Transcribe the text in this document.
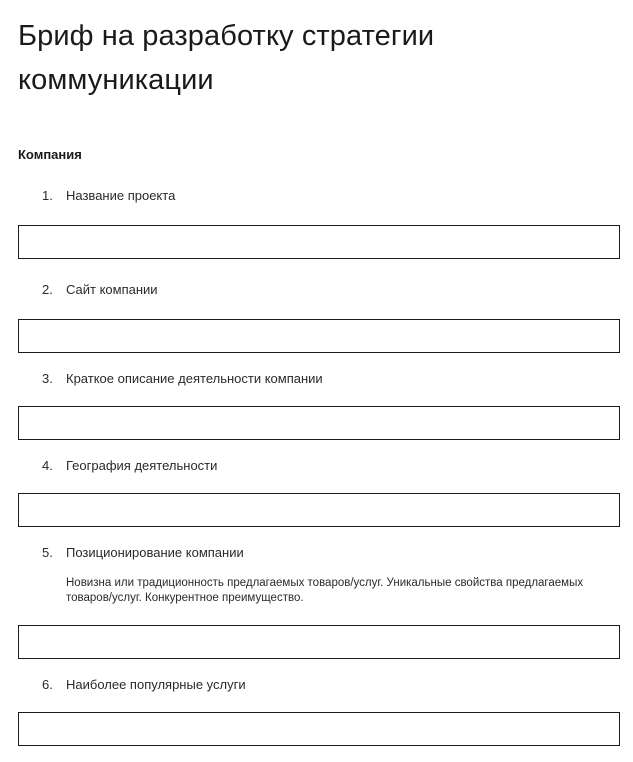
Бриф на разработку стратегии коммуникации
Компания
1. Название проекта
2. Сайт компании
3. Краткое описание деятельности компании
4. География деятельности
5. Позиционирование компании
Новизна или традиционность предлагаемых товаров/услуг. Уникальные свойства предлагаемых товаров/услуг. Конкурентное преимущество.
6. Наиболее популярные услуги
